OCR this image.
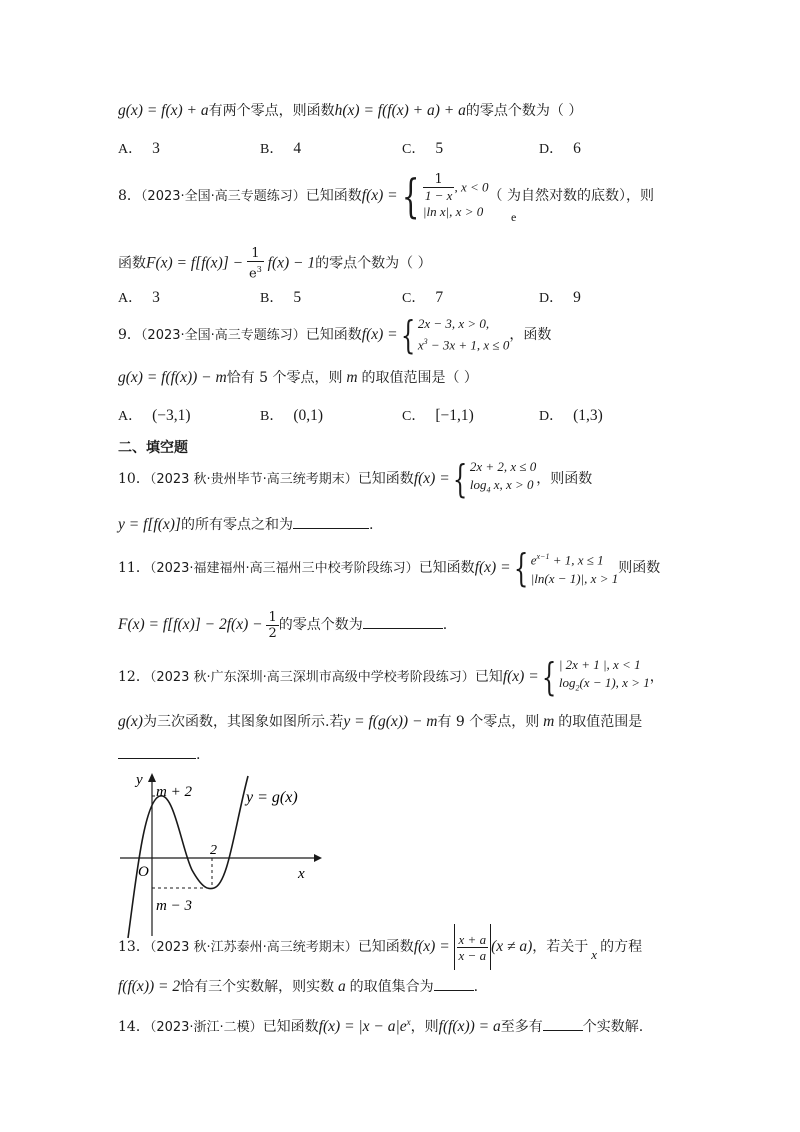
g(x) = f(x) + a有两个零点，则函数h(x) = f(f(x) + a) + a的零点个数为（ ）
A． 3	B． 4	C． 5	D． 6
8．（2023·全国·高三专题练习）已知函数f(x) ={ $\frac{1}{1 - x}$ , x < 0
|ln x|, x > 0
（ 为自然对数的底数），则
e
函数$F(x) = f[f(x)] - \frac{1}{e^3} f(x) - 1$的零点个数为（ ）
A． 3	B． 5	C． 7	D． 9
9．（2023·全国·高三专题练习）已知函数f(x) ={ 2x − 3, x > 0,
$x^3 - 3x + 1$, x ≤ 0
，函数
g(x) = f(f(x)) − m恰有 5 个零点，则 m 的取值范围是（ ）
A． (−3,1)	B． (0,1)	C． [−1,1)	D． (1,3)
二、填空题
10．（2023 秋·贵州毕节·高三统考期末）已知函数f(x) ={ 2x + 2, x ≤ 0
$\log_4 x$, x > 0 ，则函数
y = f[f(x)]的所有零点之和为	.
11．（2023·福建福州·高三福州三中校考阶段练习）已知函数f(x) ={ $e^{x-1} + 1$, x ≤ 1
|ln(x − 1)|, x > 1
则函数
$F(x) = f[f(x)] - 2f(x) - \frac{1}{2}$ 的零点个数为	.
12．（2023 秋·广东深圳·高三深圳市高级中学校考阶段练习）已知f(x) ={ | 2x + 1 |, x < 1
$\log_2(x - 1)$, x > 1 ，
g(x)为三次函数，其图象如图所示.若y = f(g(x)) − m有 9 个零点，则 m 的取值范围是
.
y
x
O
m + 2
m − 3
2
y = g(x)
13．（2023 秋·江苏泰州·高三统考期末）已知函数$f(x) = \frac{x + a}{x - a} (x \ne a)$，若关于 x 的方程
f(f(x)) = 2恰有三个实数解，则实数 a 的取值集合为	.
14．（2023·浙江·二模）已知函数$f(x) = |x - a|e^x$，则f(f(x)) = a至多有	个实数解.
